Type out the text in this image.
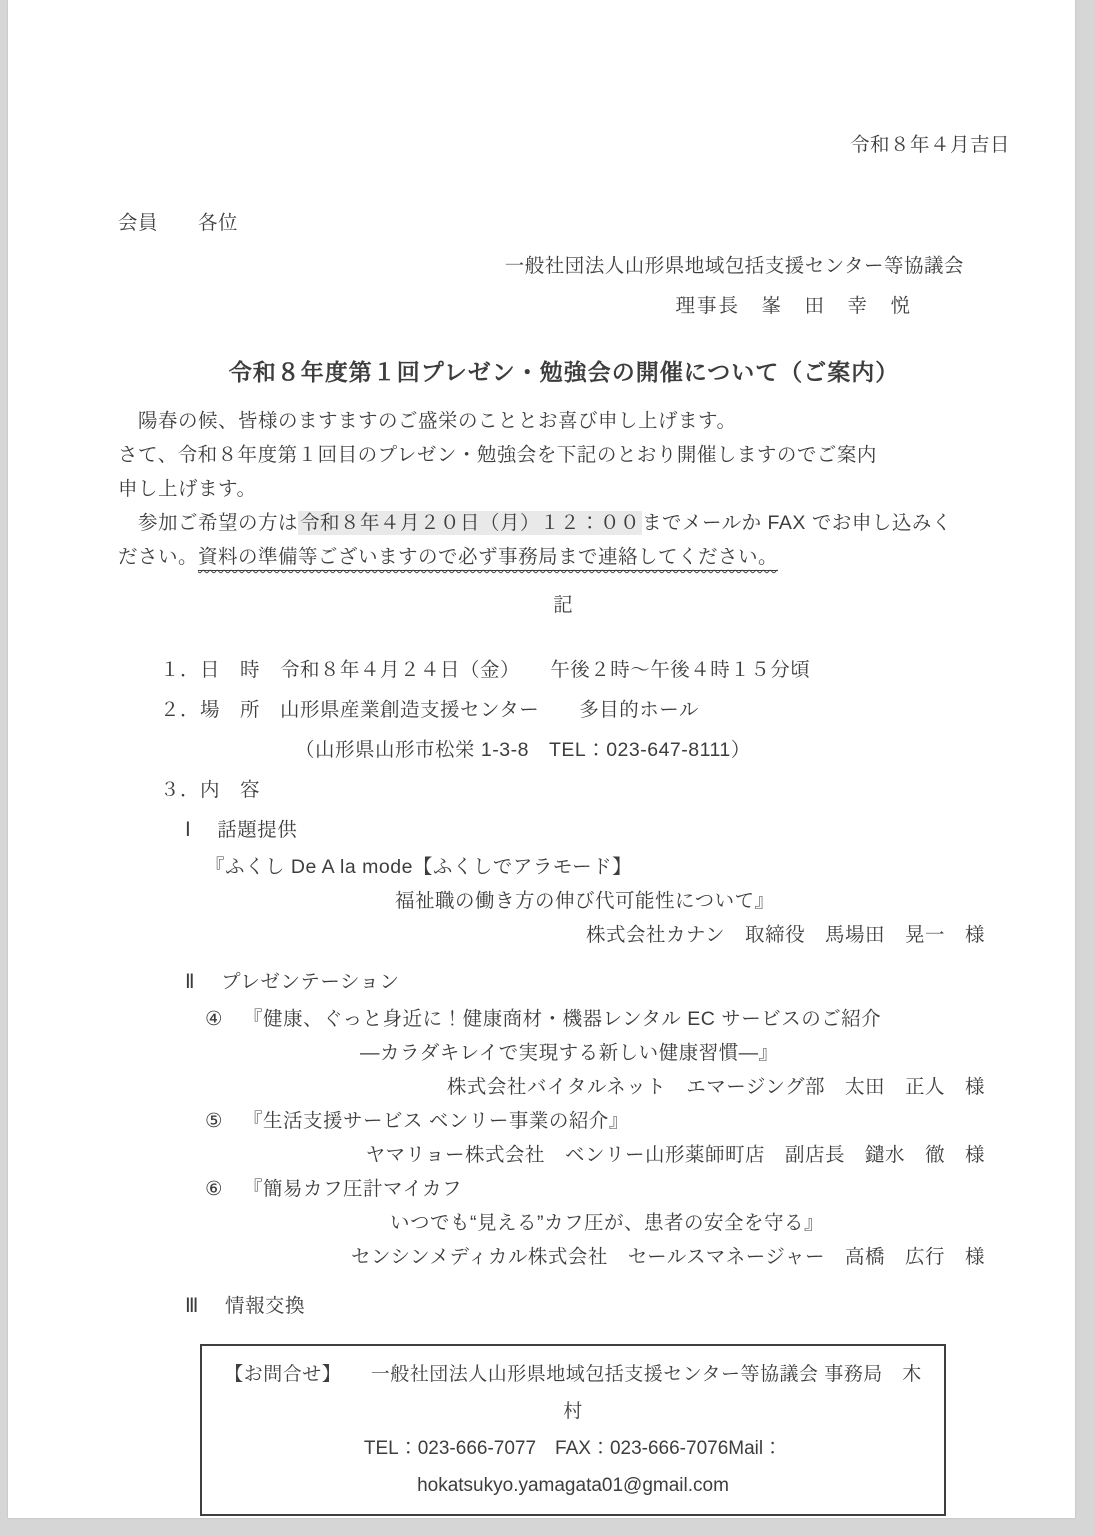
令和８年４月吉日
会員　　各位
一般社団法人山形県地域包括支援センター等協議会
理事長　峯　田　幸　悦
令和８年度第１回プレゼン・勉強会の開催について（ご案内）
　陽春の候、皆様のますますのご盛栄のこととお喜び申し上げます。
さて、令和８年度第１回目のプレゼン・勉強会を下記のとおり開催しますのでご案内
申し上げます。
　参加ご希望の方は 令和８年４月２０日（月）１２：００ までメールか FAX でお申し込みく
ださい。資料の準備等ございますので必ず事務局まで連絡してください。
記
１．日　時　令和８年４月２４日（金）　　午後２時～午後４時１５分頃
２．場　所　山形県産業創造支援センター　　多目的ホール
（山形県山形市松栄 1-3-8　TEL：023-647-8111）
３．内　容
Ⅰ 話題提供
『ふくし De A la mode【ふくしでアラモード】
福祉職の働き方の伸び代可能性について』
株式会社カナン　取締役　馬場田　晃一　様
Ⅱ プレゼンテーション
④ 『健康、ぐっと身近に！健康商材・機器レンタル EC サービスのご紹介
―カラダキレイで実現する新しい健康習慣―』
株式会社バイタルネット　エマージング部　太田　正人　様
⑤ 『生活支援サービス ベンリー事業の紹介』
ヤマリョー株式会社　ベンリー山形薬師町店　副店長　鑓水　徹　様
⑥ 『簡易カフ圧計マイカフ
いつでも“見える”カフ圧が、患者の安全を守る』
センシンメディカル株式会社　セールスマネージャー　高橋　広行　様
Ⅲ 情報交換
【お問合せ】　　一般社団法人山形県地域包括支援センター等協議会 事務局　木村
TEL：023-666-7077　FAX：023-666-7076Mail：hokatsukyo.yamagata01@gmail.com
